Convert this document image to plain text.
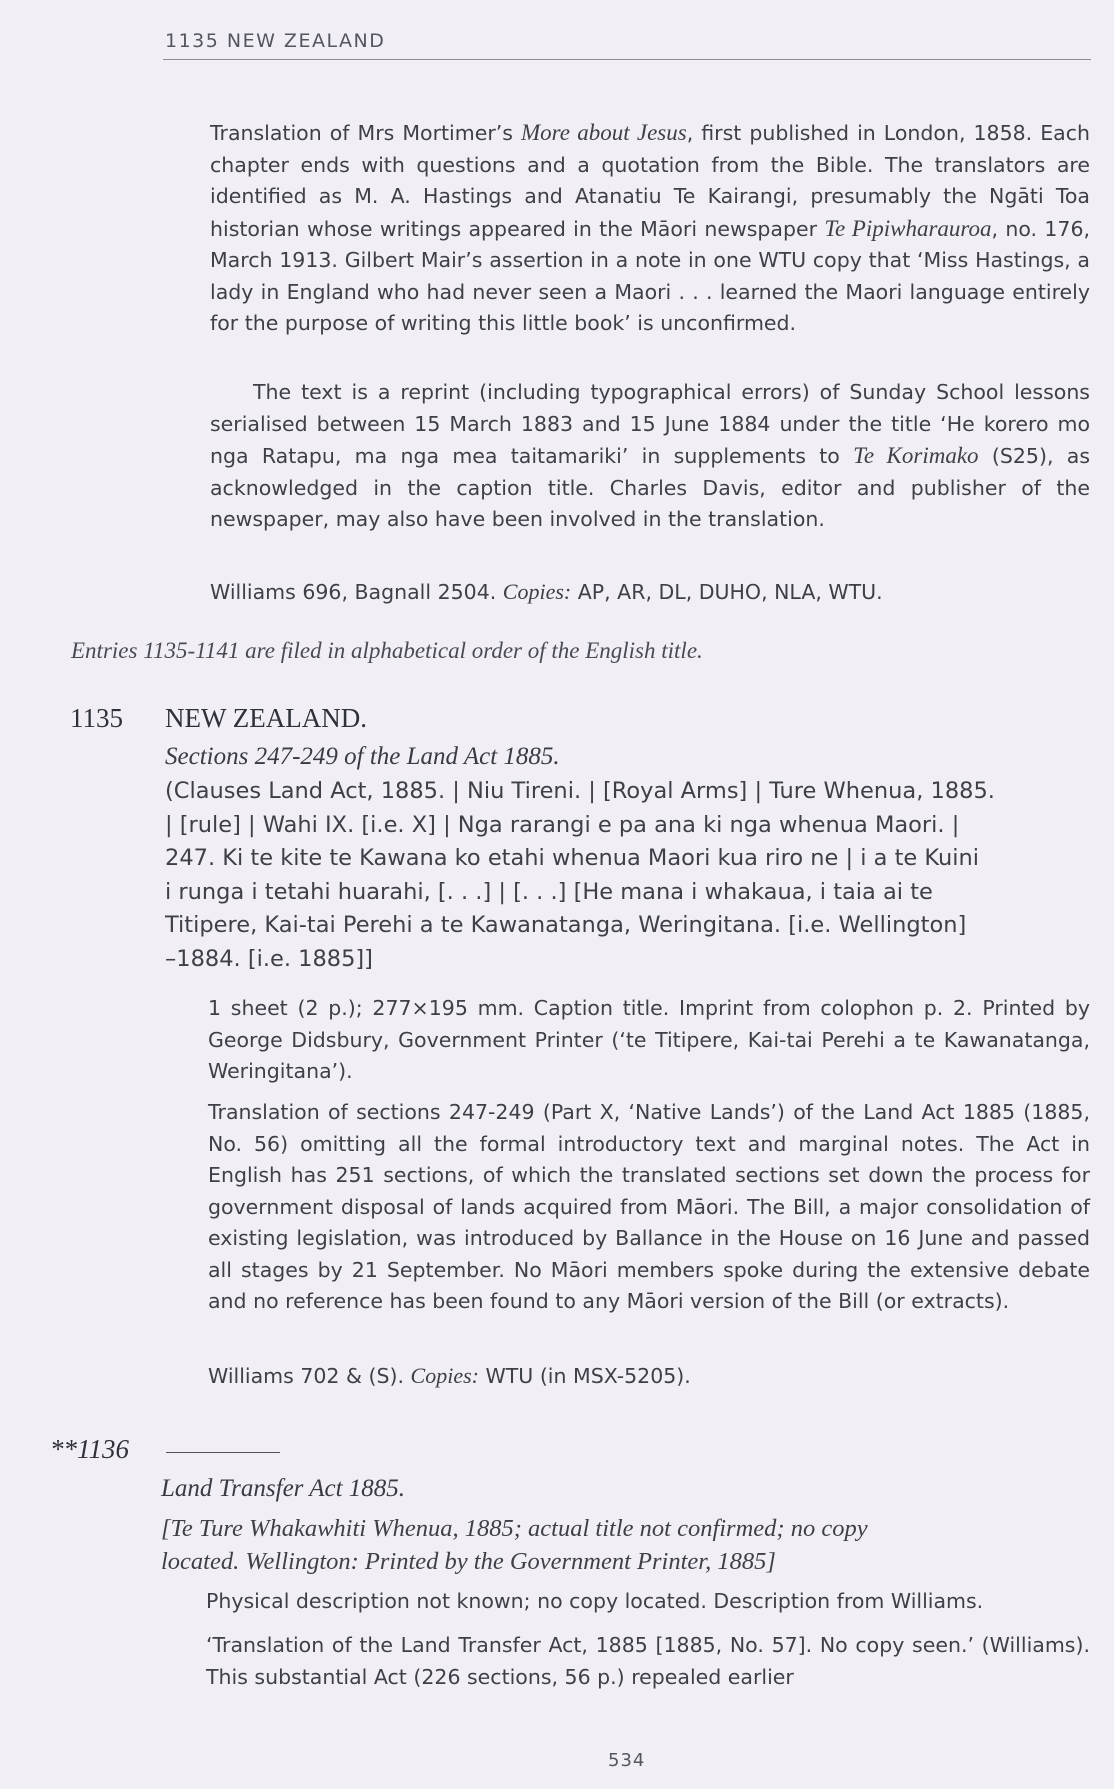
1135 NEW ZEALAND

Translation of Mrs Mortimer’s More about Jesus, first published in London, 1858. Each chapter ends with questions and a quotation from the Bible. The translators are identified as M. A. Hastings and Atanatiu Te Kairangi, presumably the Ngāti Toa historian whose writings appeared in the Māori newspaper Te Pipiwharauroa, no. 176, March 1913. Gilbert Mair’s assertion in a note in one WTU copy that ‘Miss Hastings, a lady in England who had never seen a Maori . . . learned the Maori language entirely for the purpose of writing this little book’ is unconfirmed.

The text is a reprint (including typographical errors) of Sunday School lessons serialised between 15 March 1883 and 15 June 1884 under the title ‘He korero mo nga Ratapu, ma nga mea taitamariki’ in supplements to Te Korimako (S25), as acknowledged in the caption title. Charles Davis, editor and publisher of the newspaper, may also have been involved in the translation.

Williams 696, Bagnall 2504. Copies: AP, AR, DL, DUHO, NLA, WTU.

Entries 1135-1141 are filed in alphabetical order of the English title.
1135 NEW ZEALAND.
Sections 247-249 of the Land Act 1885.
(Clauses Land Act, 1885. | Niu Tireni. | [Royal Arms] | Ture Whenua, 1885.
| [rule] | Wahi IX. [i.e. X] | Nga rarangi e pa ana ki nga whenua Maori. |
247. Ki te kite te Kawana ko etahi whenua Maori kua riro ne | i a te Kuini
i runga i tetahi huarahi, [. . .] | [. . .] [He mana i whakaua, i taia ai te
Titipere, Kai-tai Perehi a te Kawanatanga, Weringitana. [i.e. Wellington]
–1884. [i.e. 1885]]

1 sheet (2 p.); 277×195 mm. Caption title. Imprint from colophon p. 2. Printed by George Didsbury, Government Printer (‘te Titipere, Kai-tai Perehi a te Kawanatanga, Weringitana’).

Translation of sections 247-249 (Part X, ‘Native Lands’) of the Land Act 1885 (1885, No. 56) omitting all the formal introductory text and marginal notes. The Act in English has 251 sections, of which the translated sections set down the process for government disposal of lands acquired from Māori. The Bill, a major consolidation of existing legislation, was introduced by Ballance in the House on 16 June and passed all stages by 21 September. No Māori members spoke during the extensive debate and no reference has been found to any Māori version of the Bill (or extracts).

Williams 702 & (S). Copies: WTU (in MSX-5205).

**1136
Land Transfer Act 1885.
[Te Ture Whakawhiti Whenua, 1885; actual title not confirmed; no copy
located. Wellington: Printed by the Government Printer, 1885]

Physical description not known; no copy located. Description from Williams.

‘Translation of the Land Transfer Act, 1885 [1885, No. 57]. No copy seen.’ (Williams). This substantial Act (226 sections, 56 p.) repealed earlier

534
